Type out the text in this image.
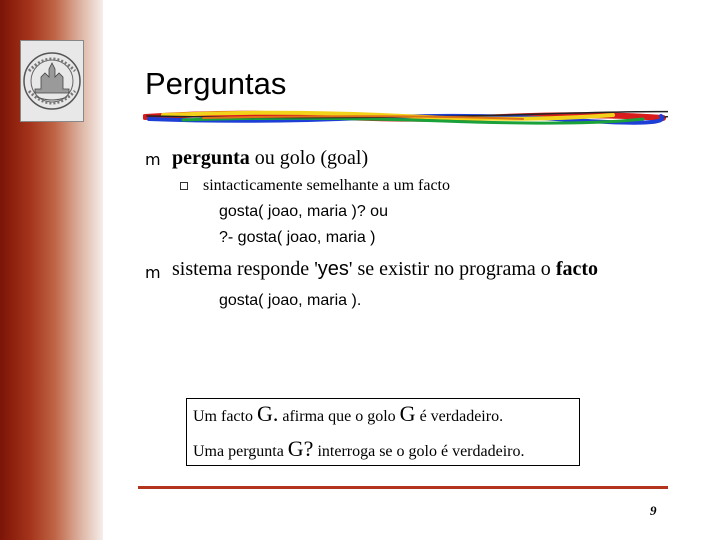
Perguntas
m pergunta ou golo (goal)
sintacticamente semelhante a um facto
gosta( joao, maria )? ou
?- gosta( joao, maria )
m sistema responde 'yes' se existir no programa o facto
gosta( joao, maria ).
Um facto G. afirma que o golo G é verdadeiro.
Uma pergunta G? interroga se o golo é verdadeiro.
9
